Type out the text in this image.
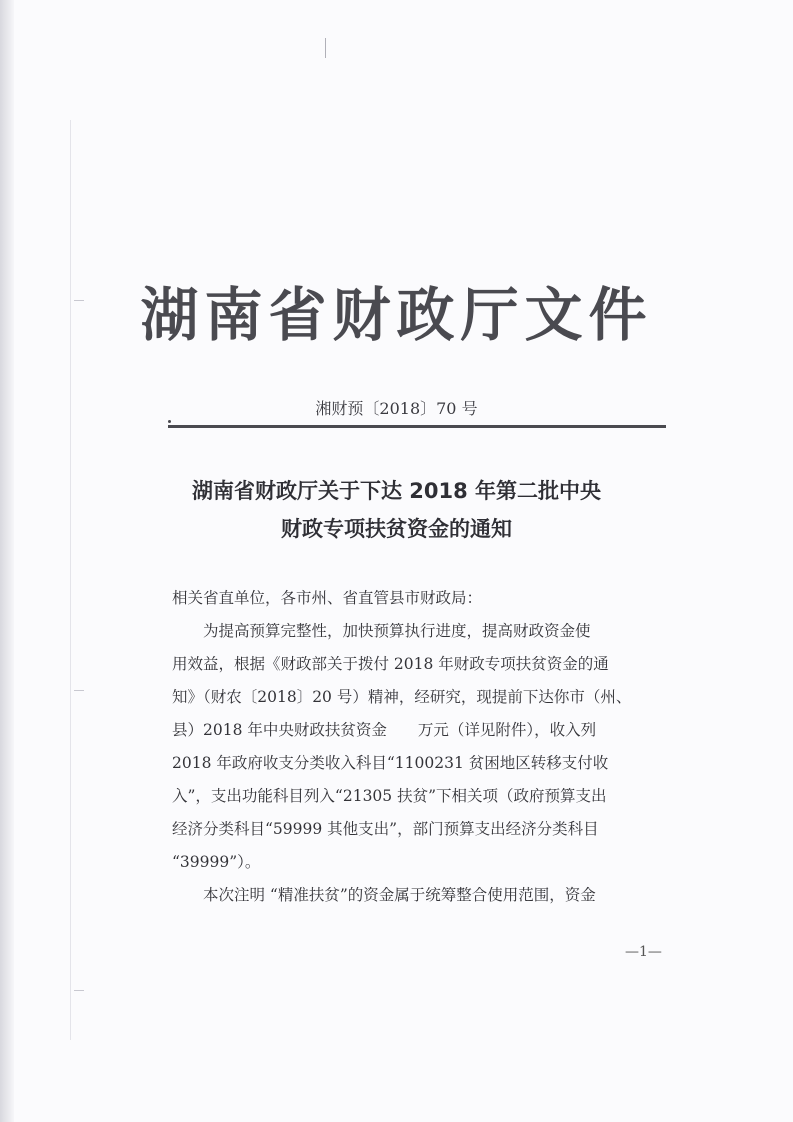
湖南省财政厅文件
湘财预〔2018〕70 号
湖南省财政厅关于下达 2018 年第二批中央
财政专项扶贫资金的通知

相关省直单位，各市州、省直管县市财政局：

为提高预算完整性，加快预算执行进度，提高财政资金使

用效益，根据《财政部关于拨付 2018 年财政专项扶贫资金的通

知》（财农〔2018〕20 号）精神，经研究，现提前下达你市（州、

县）2018 年中央财政扶贫资金　　万元（详见附件），收入列

2018 年政府收支分类收入科目“1100231 贫困地区转移支付收

入”，支出功能科目列入“21305 扶贫”下相关项（政府预算支出

经济分类科目“59999 其他支出”，部门预算支出经济分类科目

“39999”）。

本次注明 “精准扶贫”的资金属于统筹整合使用范围，资金

—1—
